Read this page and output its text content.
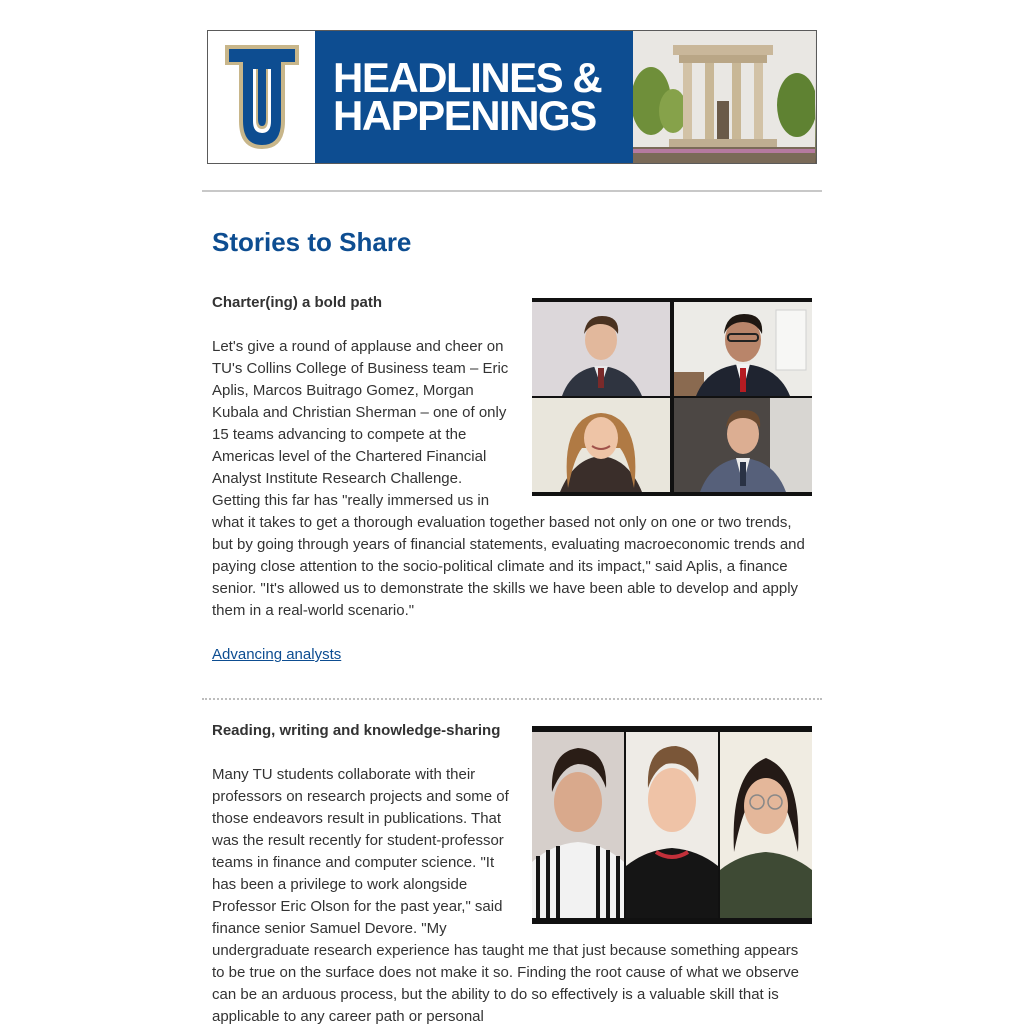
HEADLINES &
HAPPENINGS
Stories to Share
Charter(ing) a bold path

Let's give a round of applause and cheer on TU's Collins College of Business team – Eric Aplis, Marcos Buitrago Gomez, Morgan Kubala and Christian Sherman – one of only 15 teams advancing to compete at the Americas level of the Chartered Financial Analyst Institute Research Challenge. Getting this far has "really immersed us in what it takes to get a thorough evaluation together based not only on one or two trends, but by going through years of financial statements, evaluating macroeconomic trends and paying close attention to the socio-political climate and its impact," said Aplis, a finance senior. "It's allowed us to demonstrate the skills we have been able to develop and apply them in a real-world scenario."

Advancing analysts

Reading, writing and knowledge-sharing

Many TU students collaborate with their professors on research projects and some of those endeavors result in publications. That was the result recently for student-professor teams in finance and computer science. "It has been a privilege to work alongside Professor Eric Olson for the past year," said finance senior Samuel Devore. "My undergraduate research experience has taught me that just because something appears to be true on the surface does not make it so. Finding the root cause of what we observe can be an arduous process, but the ability to do so effectively is a valuable skill that is applicable to any career path or personal
